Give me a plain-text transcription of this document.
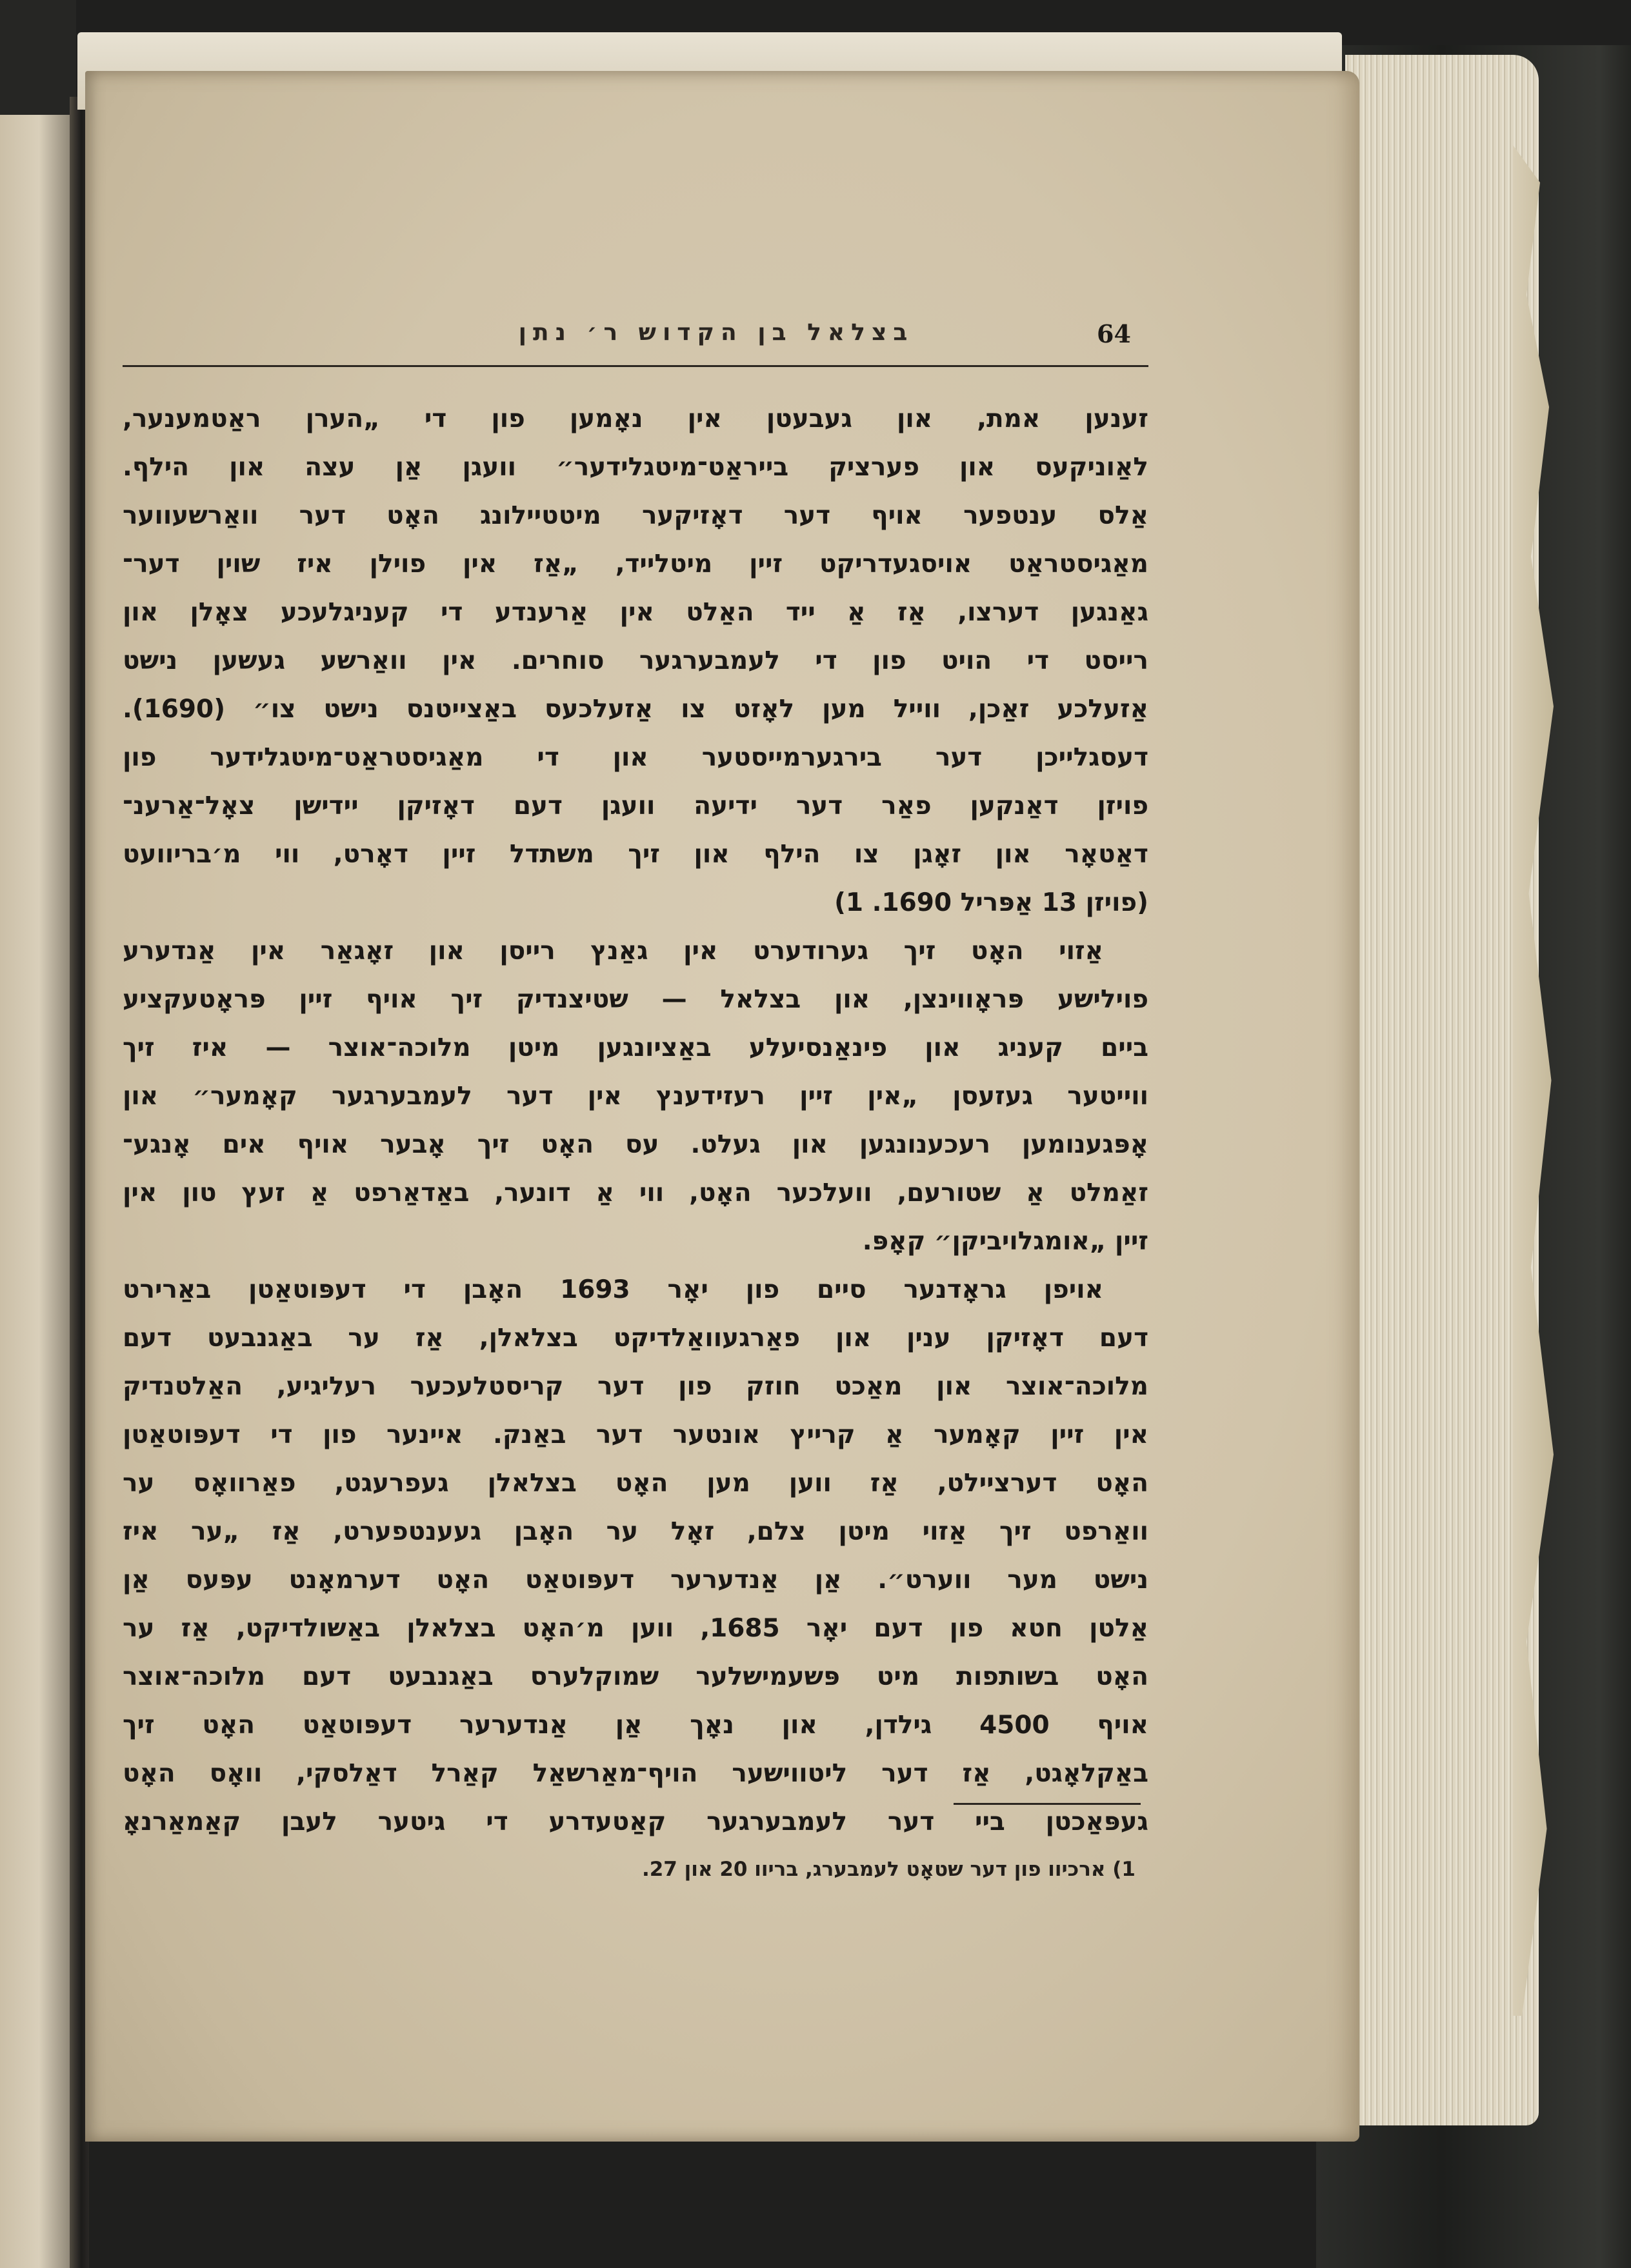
בצלאל בן הקדוש ר׳ נתן	64
זענען אמת, און געבעטן אין נאָמען פון די „הערן ראַטמענער,
לאַוניקעס און פערציק בייראַט־מיטגלידער״ וועגן אַן עצה און הילף.
אַלס ענטפער אויף דער דאָזיקער מיטטיילונג האָט דער וואַרשעווער
מאַגיסטראַט אויסגעדריקט זיין מיטלייד, „אַז אין פוילן איז שוין דער־
גאַנגען דערצו, אַז אַ ייד האַלט אין אַרענדע די קעניגלעכע צאָלן און
רייסט די הויט פון די לעמבערגער סוחרים. אין וואַרשע געשען נישט
אַזעלכע זאַכן, ווייל מען לאָזט צו אַזעלכעס באַצייטנס נישט צו״ (1690).
דעסגלייכן דער בירגערמייסטער און די מאַגיסטראַט־מיטגלידער פון
פויזן דאַנקען פאַר דער ידיעה וועגן דעם דאָזיקן יידישן צאָל־אַרענ־
דאַטאָר און זאָגן צו הילף און זיך משתדל זיין דאָרט, ווי מ׳בריוועט
(פויזן 13 אַפּריל 1690. 1)
אַזוי האָט זיך גערודערט אין גאַנץ רייסן און זאָגאַר אין אַנדערע
פוילישע פּראָווינצן, און בצלאל — שטיצנדיק זיך אויף זיין פּראָטעקציע
ביים קעניג און פינאַנסיעלע באַציונגען מיטן מלוכה־אוצר — איז זיך
ווייטער געזעסן „אין זיין רעזידענץ אין דער לעמבערגער קאָמער״ און
אָפּגענומען רעכענונגען און געלט. עס האָט זיך אָבער אויף אים אָנגע־
זאַמלט אַ שטורעם, וועלכער האָט, ווי אַ דונער, באַדאַרפט אַ זעץ טון אין
זיין „אומגלויביקן״ קאָפּ.
אויפן גראָדנער סיים פון יאָר 1693 האָבן די דעפּוטאַטן באַרירט
דעם דאָזיקן ענין און פאַרגעוואַלדיקט בצלאלן, אַז ער באַגנבעט דעם
מלוכה־אוצר און מאַכט חוזק פון דער קריסטלעכער רעליגיע, האַלטנדיק
אין זיין קאָמער אַ קרייץ אונטער דער באַנק. איינער פון די דעפּוטאַטן
האָט דערציילט, אַז ווען מען האָט בצלאלן געפרעגט, פאַרוואָס ער
וואַרפט זיך אַזוי מיטן צלם, זאָל ער האָבן געענטפערט, אַז „ער איז
נישט מער ווערט״. אַן אַנדערער דעפּוטאַט האָט דערמאָנט עפּעס אַן
אַלטן חטא פון דעם יאָר 1685, ווען מ׳האָט בצלאלן באַשולדיקט, אַז ער
האָט בשותפות מיט פּשעמישלער שמוקלערס באַגנבעט דעם מלוכה־אוצר
אויף 4500 גילדן, און נאָך אַן אַנדערער דעפּוטאַט האָט זיך
באַקלאָגט, אַז דער ליטווישער הויף־מאַרשאַל קאַרל דאַלסקי, וואָס האָט
געפּאַכטן ביי דער לעמבערגער קאַטעדרע די גיטער לעבן קאַמאַרנאָ
1) ארכיוו פון דער שטאָט לעמבערג, בריוו 20 און 27.
